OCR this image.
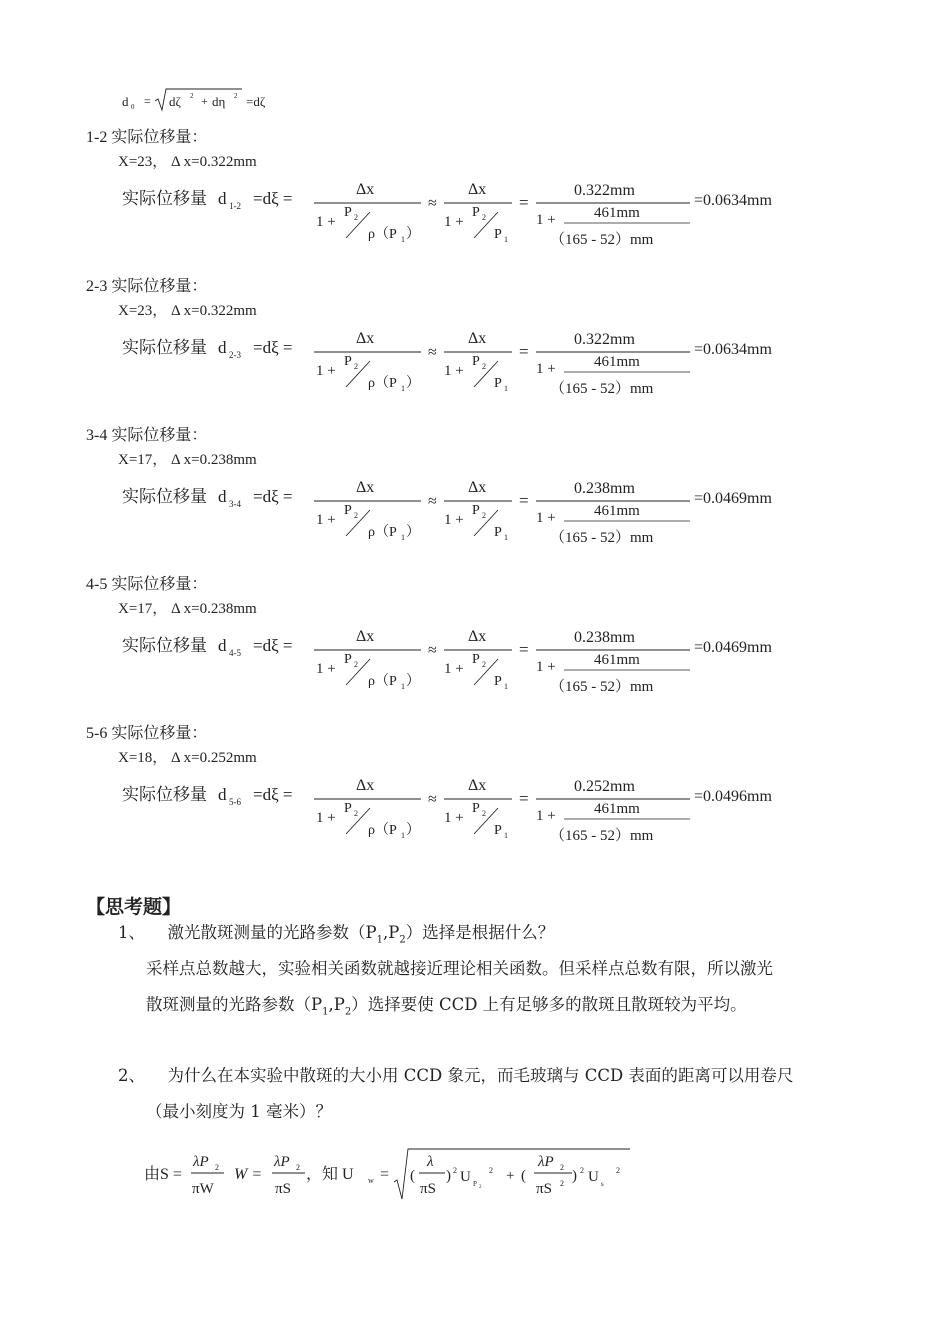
d 0 = dζ 2 + dη 2 =dζ
1-2 实际位移量：
X=23， Δ x=0.322mm
实际位移量 d 1-2 =dξ =	Δx
1 +
P 2
ρ（P 1 ）
≈
Δx
1 +
P 2
P 1
=
0.322mm
1 +	461mm
（165 - 52）mm
=0.0634mm
2-3 实际位移量：
X=23， Δ x=0.322mm
实际位移量 d 2-3 =dξ =	Δx
1 +
P 2
ρ（P 1 ）
≈
Δx
1 +
P 2
P 1
=
0.322mm
1 +	461mm
（165 - 52）mm
=0.0634mm
3-4 实际位移量：
X=17， Δ x=0.238mm
实际位移量 d 3-4 =dξ =	Δx
1 +
P 2
ρ（P 1 ）
≈
Δx
1 +
P 2
P 1
=
0.238mm
1 +	461mm
（165 - 52）mm
=0.0469mm
4-5 实际位移量：
X=17， Δ x=0.238mm
实际位移量 d 4-5 =dξ =	Δx
1 +
P 2
ρ（P 1 ）
≈
Δx
1 +
P 2
P 1
=
0.238mm
1 +	461mm
（165 - 52）mm
=0.0469mm
5-6 实际位移量：
X=18， Δ x=0.252mm
实际位移量 d 5-6 =dξ =	Δx
1 +
P 2
ρ（P 1 ）
≈
Δx
1 +
P 2
P 1
=
0.252mm
1 +	461mm
（165 - 52）mm
=0.0496mm
【思考题】
1、 激光散斑测量的光路参数$(P_1,P_2)$选择是根据什么？
采样点总数越大，实验相关函数就越接近理论相关函数。但采样点总数有限，所以激光
散斑测量的光路参数$(P_1,P_2)$选择要使 CCD 上有足够多的散斑且散斑较为平均。
2、 为什么在本实验中散斑的大小用 CCD 象元，而毛玻璃与 CCD 表面的距离可以用卷尺
（最小刻度为 1 毫米）？
由S =
λP 2
πW
W =
λP 2
πS
，知 U w = (
λ
πS
) 2 U P 2
2 + (
λP 2
πS 2 ) 2 U s
2
